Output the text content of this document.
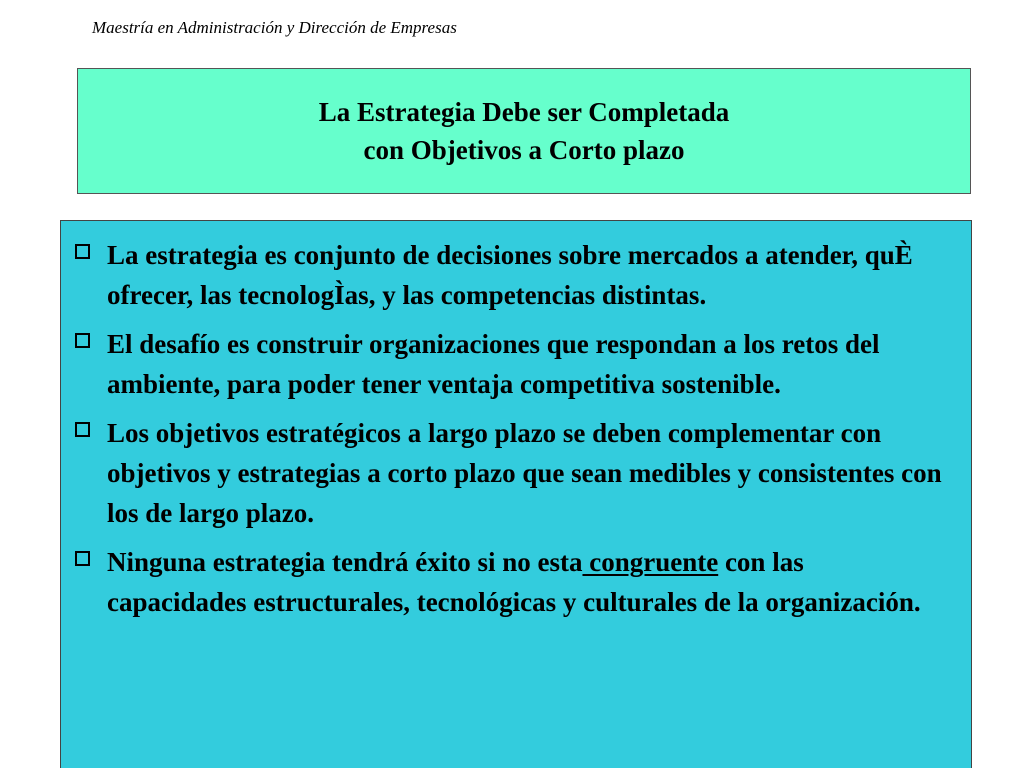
Maestría en Administración y Dirección de Empresas
La Estrategia Debe ser Completada
con Objetivos a Corto plazo
La estrategia es conjunto de decisiones sobre mercados a atender, quÈ ofrecer, las tecnologÌas, y las competencias distintas.
El desafío es construir organizaciones que respondan a los retos del ambiente, para poder tener ventaja competitiva sostenible.
Los objetivos estratégicos a largo plazo se deben complementar con objetivos y estrategias a corto plazo que sean medibles y consistentes con los de largo plazo.
Ninguna estrategia tendrá éxito si no esta congruente con las capacidades estructurales, tecnológicas y culturales de la organización.
